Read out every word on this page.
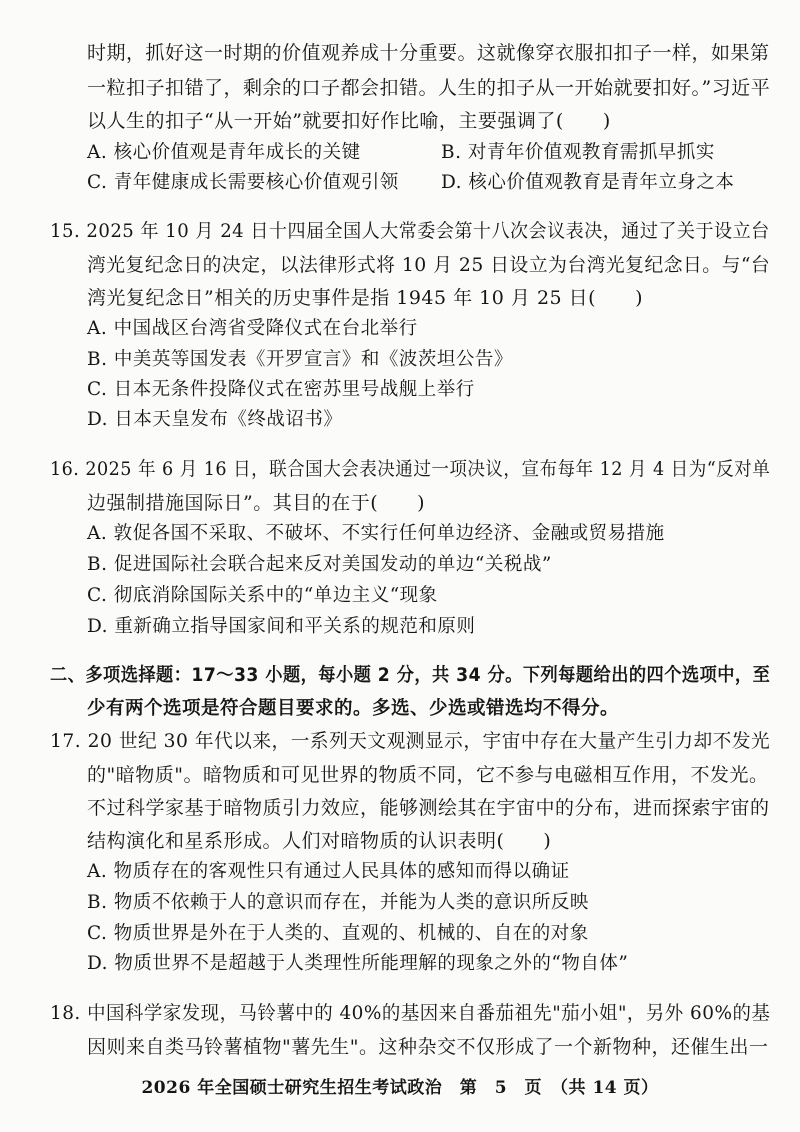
时期，抓好这一时期的价值观养成十分重要。这就像穿衣服扣扣子一样，如果第
一粒扣子扣错了，剩余的口子都会扣错。人生的扣子从一开始就要扣好。”习近平
以人生的扣子“从一开始”就要扣好作比喻，主要强调了(　　)
A. 核心价值观是青年成长的关键	B. 对青年价值观教育需抓早抓实
C. 青年健康成长需要核心价值观引领 D. 核心价值观教育是青年立身之本
15. 2025 年 10 月 24 日十四届全国人大常委会第十八次会议表决，通过了关于设立台
湾光复纪念日的决定，以法律形式将 10 月 25 日设立为台湾光复纪念日。与“台
湾光复纪念日”相关的历史事件是指 1945 年 10 月 25 日(　　)
A. 中国战区台湾省受降仪式在台北举行
B. 中美英等国发表《开罗宣言》和《波茨坦公告》
C. 日本无条件投降仪式在密苏里号战舰上举行
D. 日本天皇发布《终战诏书》
16. 2025 年 6 月 16 日，联合国大会表决通过一项决议，宣布每年 12 月 4 日为“反对单
边强制措施国际日”。其目的在于(　　)
A. 敦促各国不采取、不破坏、不实行任何单边经济、金融或贸易措施
B. 促进国际社会联合起来反对美国发动的单边“关税战”
C. 彻底消除国际关系中的“单边主义“现象
D. 重新确立指导国家间和平关系的规范和原则
二、多项选择题：17～33 小题，每小题 2 分，共 34 分。下列每题给出的四个选项中，至
少有两个选项是符合题目要求的。多选、少选或错选均不得分。
17. 20 世纪 30 年代以来，一系列天文观测显示，宇宙中存在大量产生引力却不发光
的"暗物质"。暗物质和可见世界的物质不同，它不参与电磁相互作用，不发光。
不过科学家基于暗物质引力效应，能够测绘其在宇宙中的分布，进而探索宇宙的
结构演化和星系形成。人们对暗物质的认识表明(　　)
A. 物质存在的客观性只有通过人民具体的感知而得以确证
B. 物质不依赖于人的意识而存在，并能为人类的意识所反映
C. 物质世界是外在于人类的、直观的、机械的、自在的对象
D. 物质世界不是超越于人类理性所能理解的现象之外的“物自体”
18. 中国科学家发现，马铃薯中的 40%的基因来自番茄祖先"茄小姐"，另外 60%的基
因则来自类马铃薯植物"薯先生"。这种杂交不仅形成了一个新物种，还催生出一
2026 年全国硕士研究生招生考试政治　第　5　页　（共 14 页）
